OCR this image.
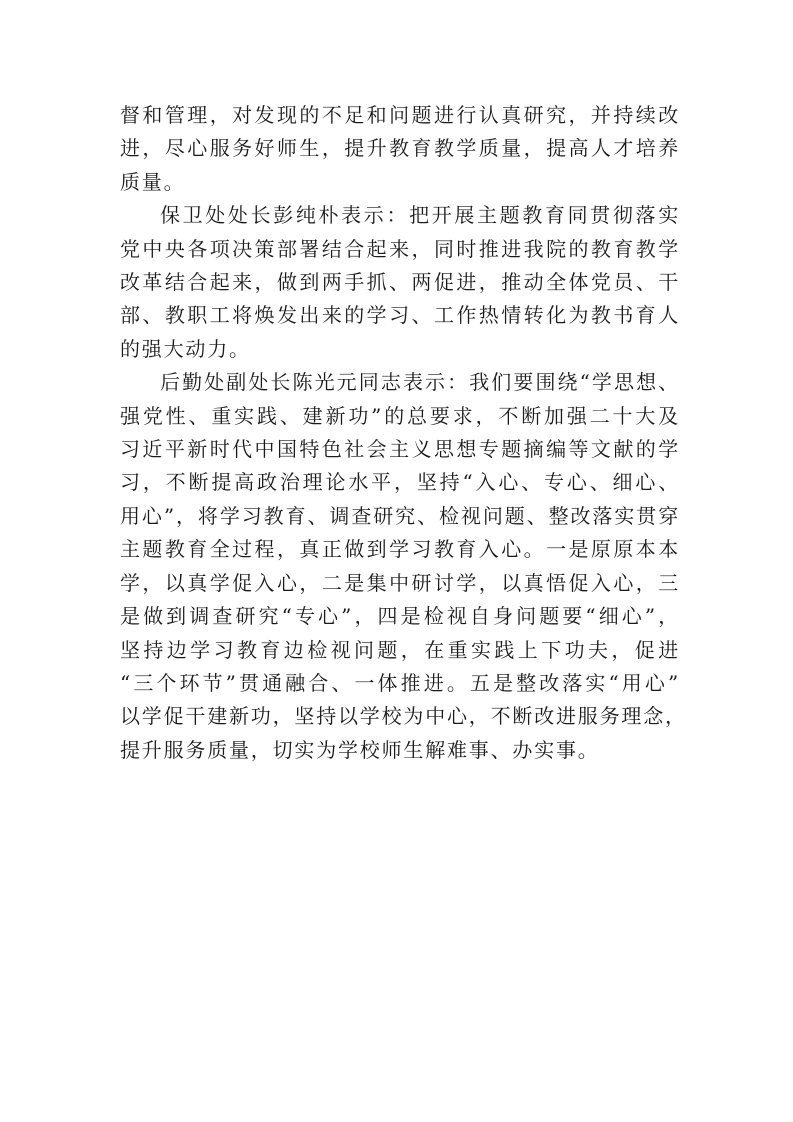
督和管理，对发现的不足和问题进行认真研究，并持续改
进，尽心服务好师生，提升教育教学质量，提高人才培养
质量。
保卫处处长彭纯朴表示：把开展主题教育同贯彻落实
党中央各项决策部署结合起来，同时推进我院的教育教学
改革结合起来，做到两手抓、两促进，推动全体党员、干
部、教职工将焕发出来的学习、工作热情转化为教书育人
的强大动力。
后勤处副处长陈光元同志表示：我们要围绕“学思想、
强党性、重实践、建新功”的总要求，不断加强二十大及
习近平新时代中国特色社会主义思想专题摘编等文献的学
习，不断提高政治理论水平，坚持“入心、专心、细心、
用心”，将学习教育、调查研究、检视问题、整改落实贯穿
主题教育全过程，真正做到学习教育入心。一是原原本本
学，以真学促入心，二是集中研讨学，以真悟促入心，三
是做到调查研究“专心”，四是检视自身问题要“细心”，
坚持边学习教育边检视问题，在重实践上下功夫，促进
“三个环节”贯通融合、一体推进。五是整改落实“用心”
以学促干建新功，坚持以学校为中心，不断改进服务理念，
提升服务质量，切实为学校师生解难事、办实事。
